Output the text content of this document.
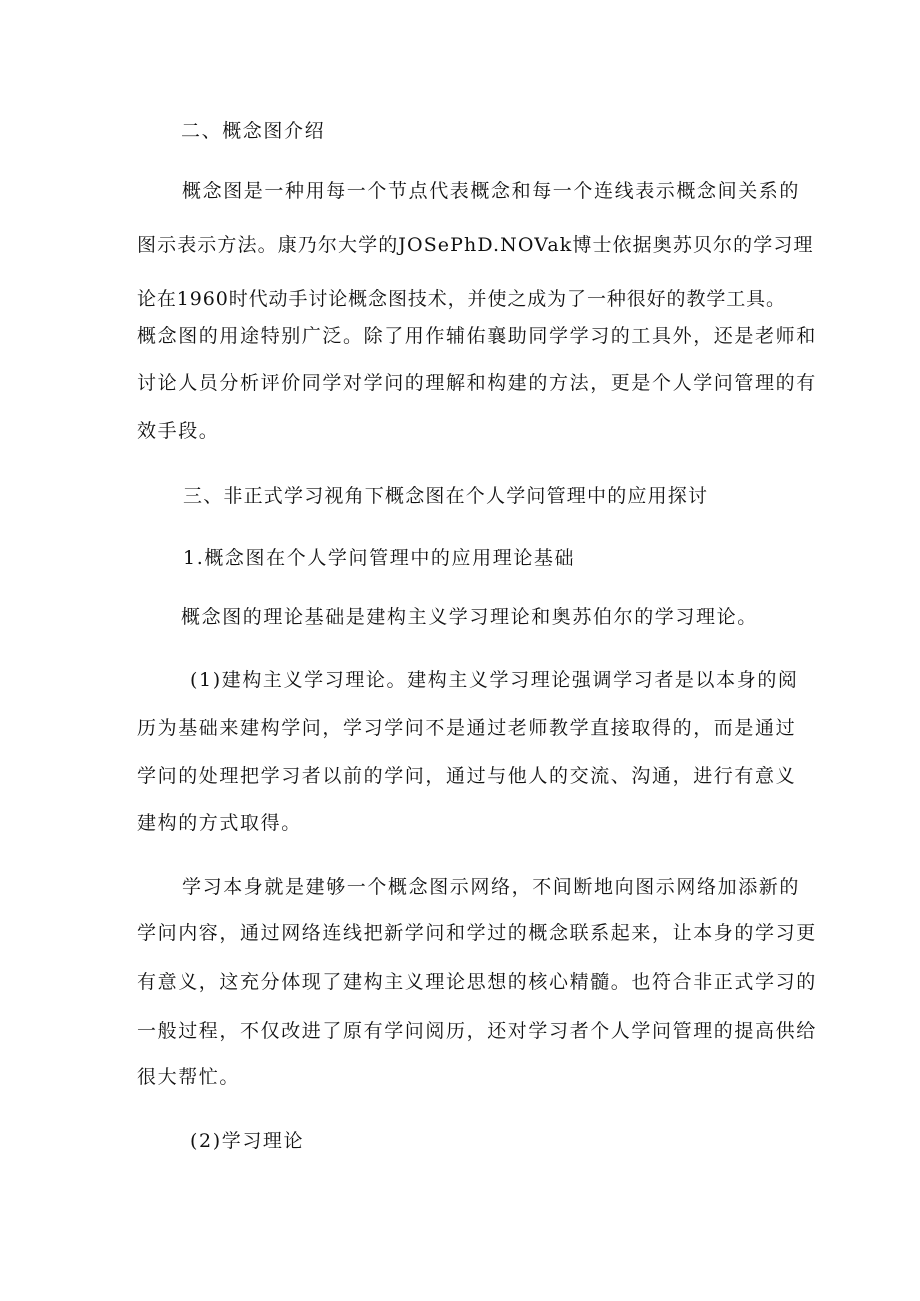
二、概念图介绍
概念图是一种用每一个节点代表概念和每一个连线表示概念间关系的
图示表示方法。康乃尔大学的JOSePhD.NOVak博士依据奥苏贝尔的学习理
论在1960时代动手讨论概念图技术，并使之成为了一种很好的教学工具。
概念图的用途特别广泛。除了用作辅佑襄助同学学习的工具外，还是老师和
讨论人员分析评价同学对学问的理解和构建的方法，更是个人学问管理的有
效手段。
三、非正式学习视角下概念图在个人学问管理中的应用探讨
1.概念图在个人学问管理中的应用理论基础
概念图的理论基础是建构主义学习理论和奥苏伯尔的学习理论。
(1)建构主义学习理论。建构主义学习理论强调学习者是以本身的阅
历为基础来建构学问，学习学问不是通过老师教学直接取得的，而是通过
学问的处理把学习者以前的学问，通过与他人的交流、沟通，进行有意义
建构的方式取得。
学习本身就是建够一个概念图示网络，不间断地向图示网络加添新的
学问内容，通过网络连线把新学问和学过的概念联系起来，让本身的学习更
有意义，这充分体现了建构主义理论思想的核心精髓。也符合非正式学习的
一般过程，不仅改进了原有学问阅历，还对学习者个人学问管理的提高供给
很大帮忙。
(2)学习理论
